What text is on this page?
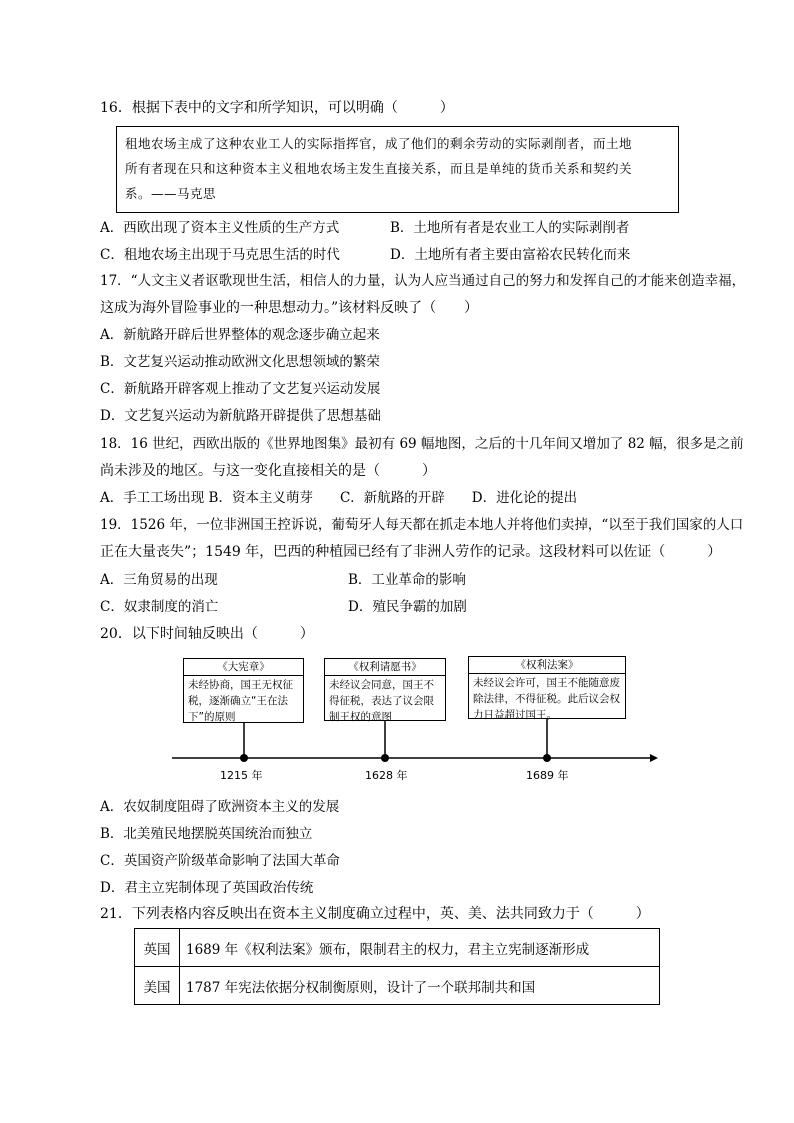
16．根据下表中的文字和所学知识，可以明确（　　　）
租地农场主成了这种农业工人的实际指挥官，成了他们的剩余劳动的实际剥削者，而土地
所有者现在只和这种资本主义租地农场主发生直接关系，而且是单纯的货币关系和契约关
系。——马克思
A．西欧出现了资本主义性质的生产方式	B．土地所有者是农业工人的实际剥削者
C．租地农场主出现于马克思生活的时代	D．土地所有者主要由富裕农民转化而来
17．“人文主义者讴歌现世生活，相信人的力量，认为人应当通过自己的努力和发挥自己的才能来创造幸福，
这成为海外冒险事业的一种思想动力。”该材料反映了（　　）
A．新航路开辟后世界整体的观念逐步确立起来
B．文艺复兴运动推动欧洲文化思想领域的繁荣
C．新航路开辟客观上推动了文艺复兴运动发展
D．文艺复兴运动为新航路开辟提供了思想基础
18．16 世纪，西欧出版的《世界地图集》最初有 69 幅地图，之后的十几年间又增加了 82 幅，很多是之前
尚未涉及的地区。与这一变化直接相关的是（　　　）
A．手工工场出现 B．资本主义萌芽　　C．新航路的开辟　　D．进化论的提出
19．1526 年，一位非洲国王控诉说，葡萄牙人每天都在抓走本地人并将他们卖掉，“以至于我们国家的人口
正在大量丧失”；1549 年，巴西的种植园已经有了非洲人劳作的记录。这段材料可以佐证（　　　）
A．三角贸易的出现	B．工业革命的影响
C．奴隶制度的消亡	D．殖民争霸的加剧
20．以下时间轴反映出（　　　）
《大宪章》
未经协商，国王无权征税，逐渐确立“王在法下”的原则
《权利请愿书》
未经议会同意，国王不得征税，表达了议会限制王权的意图
《权利法案》
未经议会许可，国王不能随意废除法律，不得征税。此后议会权力日益超过国王。
1215 年	1628 年	1689 年
A．农奴制度阻碍了欧洲资本主义的发展
B．北美殖民地摆脱英国统治而独立
C．英国资产阶级革命影响了法国大革命
D．君主立宪制体现了英国政治传统
21．下列表格内容反映出在资本主义制度确立过程中，英、美、法共同致力于（　　　）
英国	1689 年《权利法案》颁布，限制君主的权力，君主立宪制逐渐形成
美国	1787 年宪法依据分权制衡原则，设计了一个联邦制共和国
